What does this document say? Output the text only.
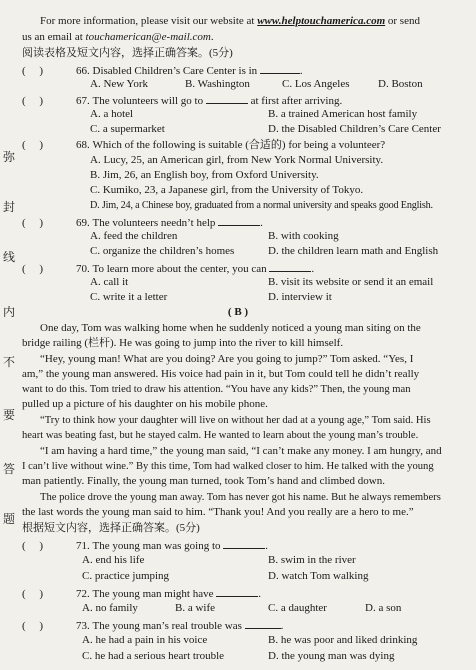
弥
封
线
内
不
要
答
题
For more information, please visit our website at www.helptouchamerica.com or send
us an email at touchamerican@e-mail.com.
阅读表格及短文内容，选择正确答案。(5分)
(     )	66. Disabled Children’s Care Center is in	.
A. New York	B. Washington	C. Los Angeles	D. Boston
(     )	67. The volunteers will go to	at first after arriving.
A. a hotel	B. a trained American host family
C. a supermarket	D. the Disabled Children’s Care Center
(     )	68. Which of the following is suitable (合适的) for being a volunteer?
A. Lucy, 25, an American girl, from New York Normal University.
B. Jim, 26, an English boy, from Oxford University.
C. Kumiko, 23, a Japanese girl, from the University of Tokyo.
D. Jim, 24, a Chinese boy, graduated from a normal university and speaks good English.
(     )	69. The volunteers needn’t help	.
A. feed the children	B. with cooking
C. organize the children’s homes	D. the children learn math and English
(     )	70. To learn more about the center, you can	.
A. call it	B. visit its website or send it an email
C. write it a letter	D. interview it
( B )
One day, Tom was walking home when he suddenly noticed a young man siting on the
bridge railing (栏杆). He was going to jump into the river to kill himself.
“Hey, young man! What are you doing? Are you going to jump?” Tom asked. “Yes, I
am,” the young man answered. His voice had pain in it, but Tom could tell he didn’t really
want to do this. Tom tried to draw his attention. “You have any kids?” Then, the young man
pulled up a picture of his daughter on his mobile phone.
“Try to think how your daughter will live on without her dad at a young age,” Tom said. His
heart was beating fast, but he stayed calm. He wanted to learn about the young man’s trouble.
“I am having a hard time,” the young man said, “I can’t make any money. I am hungry, and
I can’t live without wine.” By this time, Tom had walked closer to him. He talked with the young
man patiently. Finally, the young man turned, took Tom’s hand and climbed down.
The police drove the young man away. Tom has never got his name. But he always remembers
the last words the young man said to him. “Thank you! And you really are a hero to me.”
根据短文内容，选择正确答案。(5分)
(     )	71. The young man was going to	.
A. end his life	B. swim in the river
C. practice jumping	D. watch Tom walking
(     )	72. The young man might have	.
A. no family	B. a wife	C. a daughter	D. a son
(     )	73. The young man’s real trouble was	.
A. he had a pain in his voice	B. he was poor and liked drinking
C. he had a serious heart trouble	D. the young man was dying
